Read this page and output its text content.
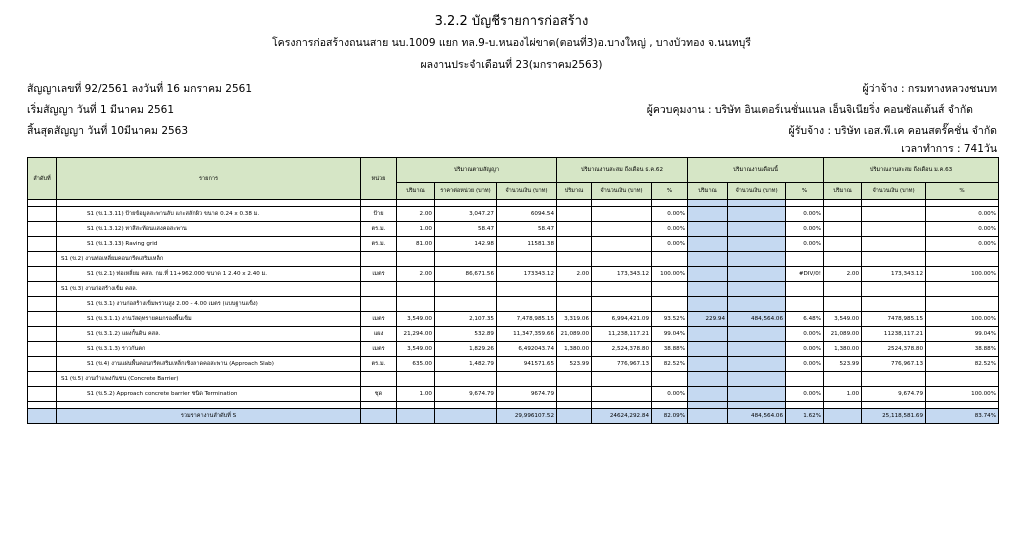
3.2.2 บัญชีรายการก่อสร้าง
โครงการก่อสร้างถนนสาย นบ.1009 แยก ทล.9-บ.หนองไผ่ขาด(ตอนที่3)อ.บางใหญ่ , บางบัวทอง จ.นนทบุรี
ผลงานประจำเดือนที่ 23(มกราคม2563)
สัญญาเลขที่ 92/2561 ลงวันที่ 16 มกราคม 2561
เริ่มสัญญา วันที่ 1 มีนาคม 2561
สิ้นสุดสัญญา วันที่ 10มีนาคม 2563
ผู้ว่าจ้าง : กรมทางหลวงชนบท
ผู้ควบคุมงาน : บริษัท อินเตอร์เนชั่นแนล เอ็นจิเนียริ่ง คอนซัลแต้นส์ จำกัด
ผู้รับจ้าง : บริษัท เอส.พี.เค คอนสตรั๊คชั่น จำกัด
เวลาทำการ : 741วัน
ลำดับที่	รายการ	หน่วย	ปริมาณตามสัญญา			ปริมาณงานสะสม ถึงเดือน ธ.ค.62			ปริมาณงานเดือนนี้			ปริมาณงานสะสม ถึงเดือน ม.ค.63		
			ปริมาณ	ราคาต่อหน่วย (บาท)	จำนวนเงิน (บาท)	ปริมาณ	จำนวนเงิน (บาท)	%	ปริมาณ	จำนวนเงิน (บาท)	%	ปริมาณ	จำนวนเงิน (บาท)	%

	S1 (ข.1.3.11) ป้ายข้อมูลสะพานลับ แกะสลักผิว ขนาด 0.24 x 0.38 ม.	ป้าย	2.00	3,047.27	6094.54			0.00%			0.00%			0.00%
	S1 (ข.1.3.12) ทาสีสะท้อนแสงคอสะพาน	ตร.ม.	1.00	58.47	58.47			0.00%			0.00%			0.00%
	S1 (ข.1.3.13) Raving grid	ตร.ม.	81.00	142.98	11581.38			0.00%			0.00%			0.00%
	S1 (ข.2) งานท่อเหลี่ยมคอนกรีตเสริมเหล็ก													
	S1 (ข.2.1) ท่อเหลี่ยม คสล. กม.ที่ 11+962.000 ขนาด 1 2.40 x 2.40 ม.	เมตร	2.00	86,671.56	173343.12	2.00	173,343.12	100.00%			#DIV/0!	2.00	173,343.12	100.00%
	S1 (ข.3) งานก่อสร้างเข็ม คสล.													
	S1 (ข.3.1) งานก่อสร้างเข็มพรวนสูง 2.00 - 4.00 เมตร (แบบฐานแข็ง)													
	S1 (ข.3.1.1) งานวัสดุทรายคมกรองพื้นเข็ม	เมตร	3,549.00	2,107.35	7,478,985.15	3,319.06	6,994,421.09	93.52%	229.94	484,564.06	6.48%	3,549.00	7478,985.15	100.00%
	S1 (ข.3.1.2) แผงกั้นดิน คสล.	แผง	21,294.00	532.89	11,347,359.66	21,089.00	11,238,117.21	99.04%			0.00%	21,089.00	11238,117.21	99.04%
	S1 (ข.3.1.3) ราวกันตก	เมตร	3,549.00	1,829.26	6,492043.74	1,380.00	2,524,378.80	38.88%			0.00%	1,380.00	2524,378.80	38.88%
	S1 (ข.4) งานแผ่นพื้นคอนกรีตเสริมเหล็กเชิงลาดคอสะพาน (Approach Slab)	ตร.ม.	635.00	1,482.79	941571.65	523.99	776,967.13	82.52%			0.00%	523.99	776,967.13	82.52%
	S1 (ข.5) งานกำแพงกันชน (Concrete Barrier)													
	S1 (ข.5.2) Approach concrete barrier ชนิด Termination	ชุด	1.00	9,674.79	9674.79			0.00%			0.00%	1.00	9,674.79	100.00%

	รวมราคางานลำดับที่ S				29,996107.52		24624,292.84	82.09%		484,564.06	1.62%		25,118,581.69	83.74%
